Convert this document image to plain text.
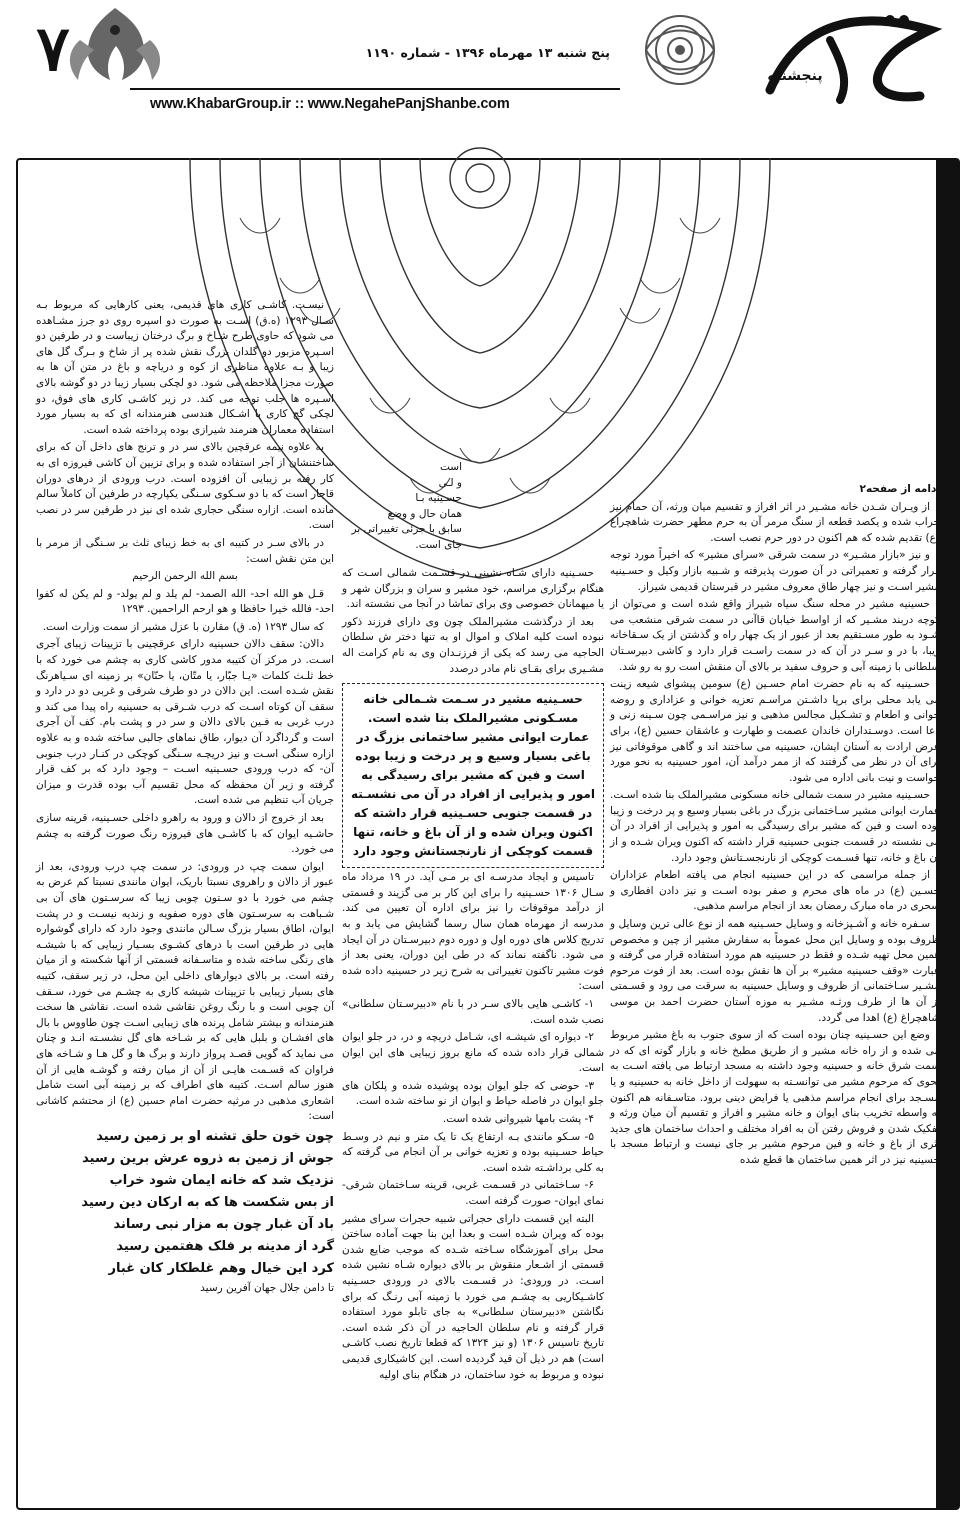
۷	پنج شنبه ۱۳ مهرماه ۱۳۹۶ - شماره ۱۱۹۰
پنجشنبه
www.KhabarGroup.ir :: www.NegahePanjShanbe.com
است
و لـی
حسـینیه بـا
همان حال و وضع
سابق با جزئی تغییراتی بر
جای است.

ادامه از صفحه۲

از ویـران شـدن خانه مشـیر در اثر افراز و تقسیم میان ورثه، آن حمام نیز خراب شده و یکصد قطعه از سنگ مرمر آن به حرم مطهر حضرت شاهچراغ (ع) تقدیم شده که هم اکنون در دور حرم نصب است.

و نیز «بازار مشـیر» در سمت شرقی «سرای مشیر» که اخیراً مورد توجه قرار گرفته و تعمیراتی در آن صورت پذیرفته و شـبیه بازار وکیل و حسـینیه مشیر اسـت و نیز چهار طاق معروف مشیر در قبرستان قدیمی شیراز.

حسینیه مشیر در محله سنگ سیاه شیراز واقع شده است و می‌توان از کوچه دربند مشـیر که از اواسط خیابان قاآنی در سمت شرقی منشعب می شـود به طور مسـتقیم بعد از عبور از یک چهار راه و گذشتن از یک سـقاخانه زیبا، با در و سـر در آن که در سمت راسـت قرار دارد و کاشی دبیرسـتان سلطانی با زمینه آبی و حروف سفید بر بالای آن منقش است رو به رو شد.

حسـینیه که به نام حضرت امام حسـین (ع) سومین پیشوای شیعه زینت می یابد محلی برای برپا داشـتن مراسـم تعزیه خوانی و عزاداری و روضه خوانی و اطعام و تشـکیل مجالس مذهبی و نیز مراسـمی چون سـینه زنی و دعا است. دوسـتداران خاندان عصمت و طهارت و عاشقان حسین (ع)، برای عرض ارادت به آستان ایشان، حسینیه می ساختند اند و گاهی موقوفاتی نیز برای آن در نظر می گرفتند که از ممر درآمد آن، امور حسینیه به نحو مورد خواست و نیت بانی اداره می شود.

حسـینیه مشیر در سمت شمالی خانه مسکونی مشیرالملک بنا شده اسـت. عمارت ایوانی مشیر سـاختمانی بزرگ در باغی بسیار وسیع و پر درخت و زیبا بوده است و فین که مشیر برای رسیدگی به امور و پذیرایی از افراد در آن می نشسته در قسمت جنوبی حسینیه قرار داشته که اکنون ویران شـده و از آن باغ و خانه، تنها قسـمت کوچکی از نارنجسـتانش وجود دارد.

از جمله مراسمی که در این حسینیه انجام می یافته اطعام عزاداران حسـین (ع) در ماه های محرم و صفر بوده اسـت و نیز دادن افطاری و سحری در ماه مبارک رمضان بعد از انجام مراسم مذهبی.

سـفره خانه و آشـپزخانه و وسایل حسـینیه همه از نوع عالی ترین وسایل و ظروف بوده و وسایل این محل عموماً به سفارش مشیر از چین و مخصوص همین محل تهیه شـده و فقط در حسینیه هم مورد استفاده قرار می گرفته و عبارت «وقف حسینیه مشیر» بر آن ها نقش بوده است. بعد از فوت مرحوم مشـیر سـاختمانی از ظروف و وسایل حسینیه به سرقت می رود و قسـمتی از آن ها از طرف ورثـه مشـیر به موزه آستان حضرت احمد بن موسی شاهچراغ (ع) اهدا می گردد.

وضع این حسـینیه چنان بوده است که از سوی جنوب به باغ مشیر مربوط می شده و از راه خانه مشیر و از طریق مطبخ خانه و بازار گونه ای که در سمت شرق خانه و حسینیه وجود داشته به مسجد ارتباط می یافته اسـت به نحوی که مرحوم مشیر می توانسـته به سهولت از داخل خانه به حسینیه و یا مسـجد برای انجام مراسم مذهبی یا فرایض دینی برود. متاسـفانه هم اکنون به واسطه تخریب بنای ایوان و خانه مشیر و افراز و تقسیم آن میان ورثه و تفکیک شدن و فروش رفتن آن به افراد مختلف و احداث ساختمان های جدید اثری از باغ و خانه و فین مرحوم مشیر بر جای نیست و ارتباط مسجد با حسینیه نیز در اثر همین ساختمان ها قطع شده

حسـینیه دارای شـاه نشینی در قسـمت شمالی اسـت که هنگام برگزاری مراسم، خود مشیر و سران و بزرگان شهر و یا میهمانان خصوصی وی برای تماشا در آنجا می نشسته اند.

بعد از درگذشت مشیرالملک چون وی دارای فرزند ذکور نبوده است کلیه املاک و اموال او به تنها دختر ش سلطان الحاجیه می رسد که یکی از فرزنـدان وی به نام کرامت اله مشـیری برای بقـای نام مادر درصدد

حسـینیه مشیر در سـمت شـمالی خانه مسـکونی مشیرالملک بنا شده است. عمارت ایوانی مشیر ساختمانی بزرگ در باغی بسیار وسیع و پر درخت و زیبا بوده است و فین که مشیر برای رسیدگی به امور و پذیرایی از افراد در آن می نشسـته در قسمت جنوبی حسـینیه قرار داشته که اکنون ویران شده و از آن باغ و خانه، تنها قسمت کوچکی از نارنجستانش وجود دارد

تاسیس و ایجاد مدرسـه ای بر مـی آید. در ۱۹ مرداد ماه سـال ۱۳۰۶ حسـینیه را برای این کار بر می گزیند و قسمتی از درآمد موقوفات را نیز برای اداره آن تعیین می کند. مدرسه از مهرماه همان سال رسما گشایش می یابد و به تدریج کلاس های دوره اول و دوره دوم دبیرسـتان در آن ایجاد می شود. ناگفته نماند که در طی این دوران، یعنی بعد از فوت مشیر تاکنون تغییراتی به شرح زیر در حسینیه داده شده است:

۱- کاشـی هایی بالای سـر در با نام «دبیرسـتان سلطانی» نصب شده است.

۲- دیواره ای شیشـه ای، شـامل دریچه و در، در جلو ایوان شمالی قرار داده شده که مانع بروز زیبایی های این ایوان است.

۳- حوضی که جلو ایوان بوده پوشیده شده و پلکان های جلو ایوان در فاصله حیاط و ایوان از نو ساخته شده است.

۴- پشت بامها شیروانی شده است.

۵- سـکو مانندی بـه ارتفاع یک تا یک متر و نیم در وسـط حیاط حسـینیه بوده و تعزیه خوانی بر آن انجام می گرفته که به کلی برداشـته شده است.

۶- سـاختمانی در قسـمت غربی، قرینه سـاختمان شرقی- نمای ایوان- صورت گرفته است.

البته این قسمت دارای حجراتی شبیه حجرات سرای مشیر بوده که ویران شـده است و بعدا این بنا جهت آماده ساختن محل برای آموزشگاه سـاخته شـده که موجب ضایع شدن قسمتی از اشـعار منقوش بر بالای دیواره شـاه نشین شده اسـت. در ورودی: در قسـمت بالای در ورودی حسـینیه کاشـیکاریی به چشـم می خورد با زمینه آبی رنـگ که برای نگاشتن «دبیرستان سلطانی» به جای تابلو مورد استفاده قرار گرفته و نام سلطان الحاجیه در آن ذکر شده است. تاریخ تاسیس ۱۳۰۶ (و نیز ۱۳۲۴ که قطعا تاریخ نصب کاشـی است) هم در ذیل آن قید گردیده است. این کاشیکاری قدیمی نبوده و مربوط به خود ساختمان، در هنگام بنای اولیه

نیسـت. کاشـی کاری های قدیمی، یعنی کارهایی که مربوط بـه سـال ۱۲۹۳ (ه.ق) اسـت به صورت دو اسپره روی دو جرز مشـاهده می شود که حاوی طرح شـاخ و برگ درختان زیباست و در طرفین دو اسـپره مزبور دو گلدان بزرگ نقش شده پر از شاخ و بـرگ گل های زیبا و بـه علاوه مناظری از کوه و دریاچه و باغ در متن آن ها به صورت مجزا ملاحظه می شود. دو لچکی بسیار زیبا در دو گوشه بالای اسـپره ها جلب توجه می کند. در زیر کاشـی کاری های فوق، دو لچکی گچ کاری با اشـکال هندسی هنرمندانه ای که به بسیار مورد استفاده معماران هنرمند شیرازی بوده پرداخته شده است.

به علاوه نیمه عرقچین بالای سر در و ترنج های داخل آن که برای ساختنشان از آجر استفاده شده و برای تزیین آن کاشی فیروزه ای به کار رفته بر زیبایی آن افزوده است. درب ورودی از درهای دوران قاجار است که با دو سـکوی سـنگی یکپارچه در طرفین آن کاملاً سالم مانده است. ازاره سنگی حجاری شده ای نیز در طرفین سر در نصب است.

در بالای سـر در کتیبه ای به خط زیبای ثلث بر سـنگی از مرمر با این متن نقش است:

بسم الله الرحمن الرحیم

قـل هو الله احد- الله الصمد- لم یلد و لم یولد- و لم یکن له کفوا احد- فالله خیرا حافظا و هو ارحم الراحمین. ۱۲۹۳

که سال ۱۲۹۳ (ه. ق) مقارن با عزل مشیر از سمت وزارت است.

دالان: سقف دالان حسینیه دارای عرقچینی با تزیینات زیبای آجری اسـت. در مرکز آن کتیبه مدور کاشی کاری به چشم می خورد که با خط ثلـث کلمات «یـا جبّار، یا متّان، یا حنّان» بر زمینه ای سـیاهرنگ نقش شـده است. این دالان در دو طرف شرقی و غربی دو در دارد و سقف آن کوتاه اسـت که درب شـرقی به حسینیه راه پیدا می کند و درب غربی به فـین بالای دالان و سر در و پشت بام. کف آن آجری است و گرداگرد آن دیوار، طاق نماهای جالبی ساخته شده و به علاوه ازاره سنگی اسـت و نیز دریچـه سـنگی کوچکی در کنـار درب جنوبی آن- که درب ورودی حسـینیه اسـت – وجود دارد که بر کف قرار گرفته و زیر آن محفظه که محل تقسیم آب بوده قدرت و میزان جریان آب تنظیم می شده است.

بعد از خروج از دالان و ورود به راهرو داخلی حسـینیه، قرینه سازی حاشـیه ایوان که با کاشـی های فیروزه رنگ صورت گرفته به چشم می خورد.

ایوان سمت چپ در ورودی: در سمت چپ درب ورودی، بعد از عبور از دالان و راهروی نسبتا باریک، ایوان مانندی نسبتا کم عرض به چشم می خورد با دو سـتون چوبی زیبا که سرسـتون های آن بی شـباهت به سرسـتون های دوره صفویه و زندیه نیسـت و در پشت ایوان، اطاق بسیار بزرگ سـالن مانندی وجود دارد که دارای گوشواره هایی در طرفین است با درهای کشـوی بسـیار زیبایی که با شیشـه های رنگی ساخته شده و متاسـفانه قسمتی از آنها شکسته و از میان رفته است. بر بالای دیوارهای داخلی این محل، در زیر سقف، کتیبه های بسیار زیبایی با تزیینات شیشه کاری به چشـم می خورد، سـقف آن چوبی است و با رنگ روغن نقاشی شده است. نقاشی ها سخت هنرمندانه و بیشتر شامل پرنده های زیبایی اسـت چون طاووس با بال های افشـان و بلبل هایی که بر شـاخه های گل نشسـته انـد و چنان می نماید که گویی قصـد پرواز دارند و برگ ها و گل هـا و شـاخه های فراوان که قسـمت هایـی از آن از میان رفته و گوشـه هایی از آن هنوز سالم اسـت. کتیبه های اطراف که بر زمینه آبی است شامل اشعاری مذهبی در مرثیه حضرت امام حسین (ع) از محتشم کاشانی است:

چون خون حلق تشنه او بر زمین رسید

جوش از زمین به ذروه عرش برین رسید

نزدیک شد که خانه ایمان شود خراب

از بس شکست ها که به ارکان دین رسید

باد آن غبار چون به مزار نبی رساند

گرد از مدینه بر فلک هفتمین رسید

کرد این خیال وهم غلطکار کان غبار

تا دامن جلال جهان آفرین رسید
